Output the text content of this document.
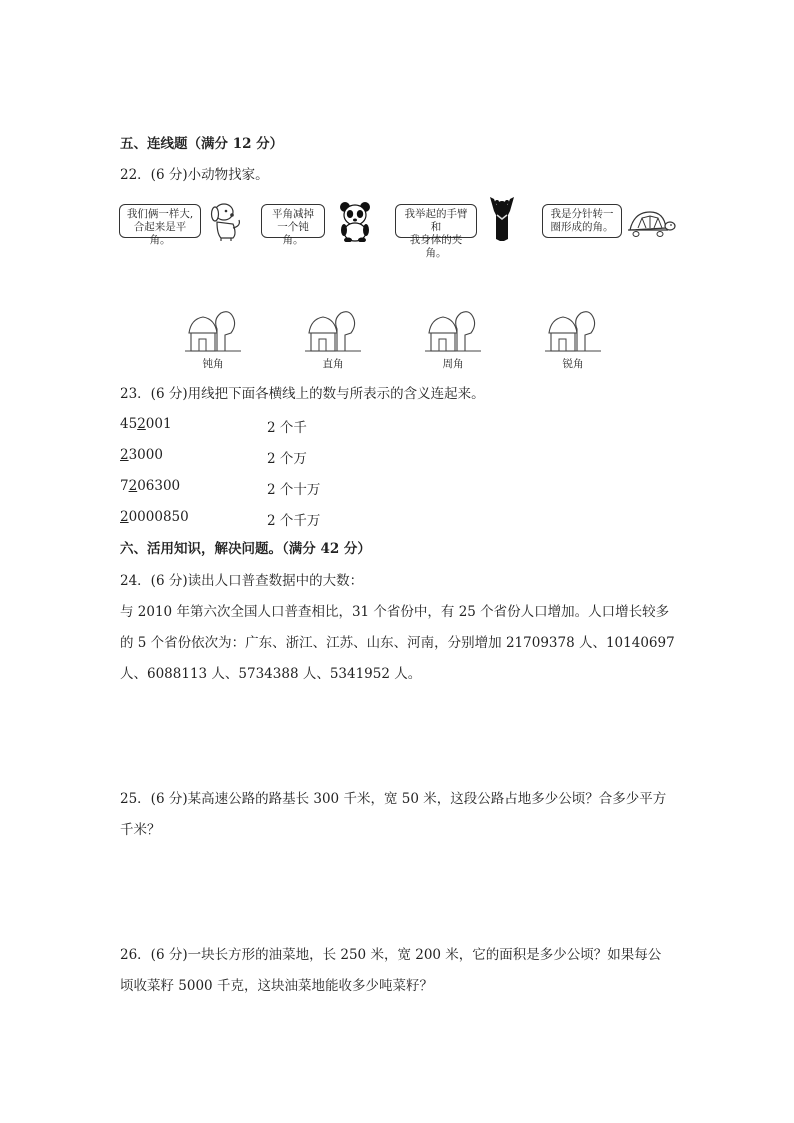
五、连线题（满分 12 分）
22．(6 分)小动物找家。
我们俩一样大,
合起来是平角。
平角减掉
一个钝角。
我举起的手臂和
我身体的夹角。
我是分针转一
圈形成的角。
钝角	直角	周角	锐角
23．(6 分)用线把下面各横线上的数与所表示的含义连起来。
452001	2 个千
23000	2 个万
7206300	2 个十万
20000850	2 个千万
六、活用知识，解决问题。（满分 42 分）
24．(6 分)读出人口普查数据中的大数：
与 2010 年第六次全国人口普查相比，31 个省份中，有 25 个省份人口增加。人口增长较多
的 5 个省份依次为：广东、浙江、江苏、山东、河南，分别增加 21709378 人、10140697
人、6088113 人、5734388 人、5341952 人。
25．(6 分)某高速公路的路基长 300 千米，宽 50 米，这段公路占地多少公顷？合多少平方
千米？
26．(6 分)一块长方形的油菜地，长 250 米，宽 200 米，它的面积是多少公顷？如果每公
顷收菜籽 5000 千克，这块油菜地能收多少吨菜籽？
